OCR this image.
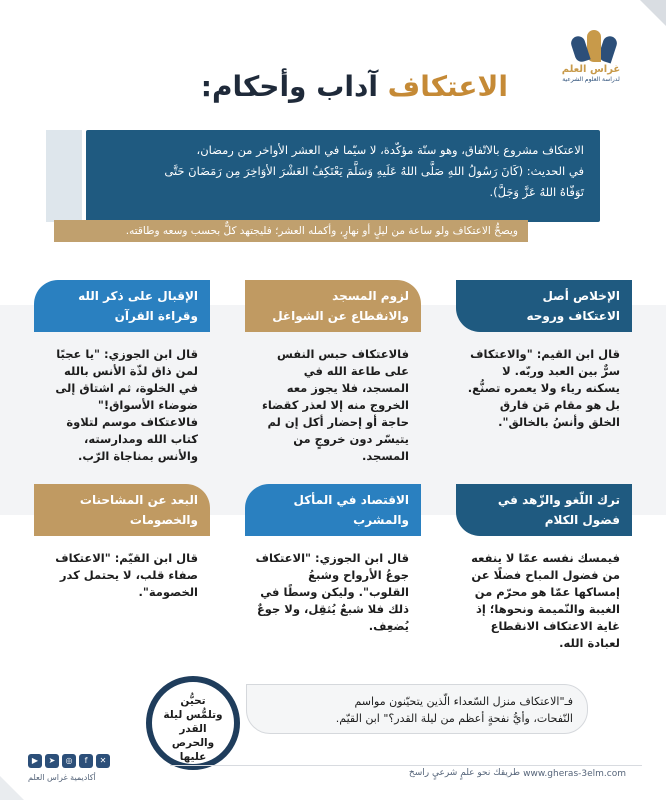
غراس العلم
لدراسة العلوم الشرعية
الاعتكاف آداب وأحكام:
الاعتكاف مشروع بالاتّفاق، وهو سنّة مؤكّدة، لا سيّما في العشر الأواخر من رمضان،
في الحديث: (كَانَ رَسُولُ اللهِ صَلَّى اللهُ عَلَيهِ وَسَلَّمَ يَعْتَكِفُ العَشْرَ الأوَاخِرَ مِن رَمَضَانَ حَتَّى
تَوَفّاهُ اللهُ عَزَّ وَجَلَّ).
ويصحُّ الاعتكاف ولو ساعة من ليلٍ أو نهارٍ، وأكمله العشر؛ فليجتهد كلٌّ بحسب وسعه وطاقته.
الإخلاص أصل
الاعتكاف وروحه
قال ابن القيم: "والاعتكاف سرٌّ بين العبد وربّه. لا يسكنه رياء ولا يعمره تصنُّع. بل هو مقام مَن فارق الخلق وأنسُ بالخالق".
لزوم المسجد
والانقطاع عن الشواغل
فالاعتكاف حبس النفس على طاعة الله في المسجد، فلا يجوز معه الخروج منه إلا لعذر كقضاء حاجة أو إحضار أكل إن لم يتيسّر دون خروجٍ من المسجد.
الإقبال على ذكر الله
وقراءة القرآن
قال ابن الجوزي: "يا عجبًا لمن ذاق لذّة الأنس بالله في الخلوة، ثم اشتاق إلى ضوضاء الأسواق!" فالاعتكاف موسم لتلاوة كتاب الله ومدارسته، والأنس بمناجاة الرّب.
ترك اللّغو والزّهد في
فضول الكلام
فيمسك نفسه عمّا لا ينفعه من فضول المباح فضلًا عن إمساكها عمّا هو محرّم من الغيبة والنّميمة ونحوها؛ إذ غاية الاعتكاف الانقطاع لعبادة الله.
الاقتصاد في المأكل
والمشرب
قال ابن الجوزي: "الاعتكاف جوعُ الأرواح وشبعُ القلوب". وليكن وسطًا في ذلك فلا شبعٌ يُثقِل، ولا جوعٌ يُضعِف.
البعد عن المشاحنات
والخصومات
قال ابن القيّم: "الاعتكاف صفاء قلب، لا يحتمل كدر الخصومة".
فـ"الاعتكاف منزل السّعداء الّذين يتحيّنون مواسم
النّفحات، وأيُّ نفحةٍ أعظم من ليلة القدر؟" ابن القيّم.
تحيُّن
وتلمُّس ليلة
القدر والحرص
عليها
www.gheras-3elm.com
طريقك نحو علمٍ شرعيٍ راسخ
▶	➤	◎	f	✕
أكاديمية غراس العلم
